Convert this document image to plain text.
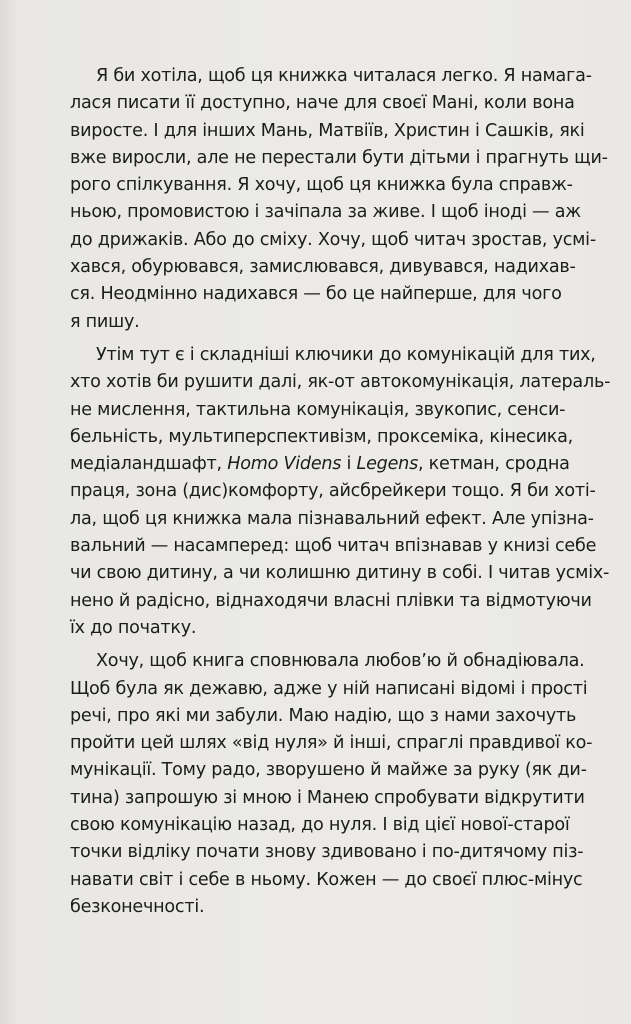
Я би хотіла, щоб ця книжка читалася легко. Я намага-
лася писати її доступно, наче для своєї Мані, коли вона
виросте. І для інших Мань, Матвіїв, Христин і Сашків, які
вже виросли, але не перестали бути дітьми і прагнуть щи-
рого спілкування. Я хочу, щоб ця книжка була справж-
ньою, промовистою і зачіпала за живе. І щоб іноді — аж
до дрижаків. Або до сміху. Хочу, щоб читач зростав, усмі-
хався, обурювався, замислювався, дивувався, надихав-
ся. Неодмінно надихався — бо це найперше, для чого
я пишу.
Утім тут є і складніші ключики до комунікацій для тих,
хто хотів би рушити далі, як-от автокомунікація, латераль-
не мислення, тактильна комунікація, звукопис, сенси-
бельність, мультиперспективізм, проксеміка, кінесика,
медіаландшафт, Homo Videns і Legens, кетман, сродна
праця, зона (дис)комфорту, айсбрейкери тощо. Я би хоті-
ла, щоб ця книжка мала пізнавальний ефект. Але упізна-
вальний — насамперед: щоб читач впізнавав у книзі себе
чи свою дитину, а чи колишню дитину в собі. І читав усміх-
нено й радісно, віднаходячи власні плівки та відмотуючи
їх до початку.
Хочу, щоб книга сповнювала любов’ю й обнадіювала.
Щоб була як дежавю, адже у ній написані відомі і прості
речі, про які ми забули. Маю надію, що з нами захочуть
пройти цей шлях «від нуля» й інші, спраглі правдивої ко-
мунікації. Тому радо, зворушено й майже за руку (як ди-
тина) запрошую зі мною і Манею спробувати відкрутити
свою комунікацію назад, до нуля. І від цієї нової-старої
точки відліку почати знову здивовано і по-дитячому піз-
навати світ і себе в ньому. Кожен — до своєї плюс-мінус
безконечності.
